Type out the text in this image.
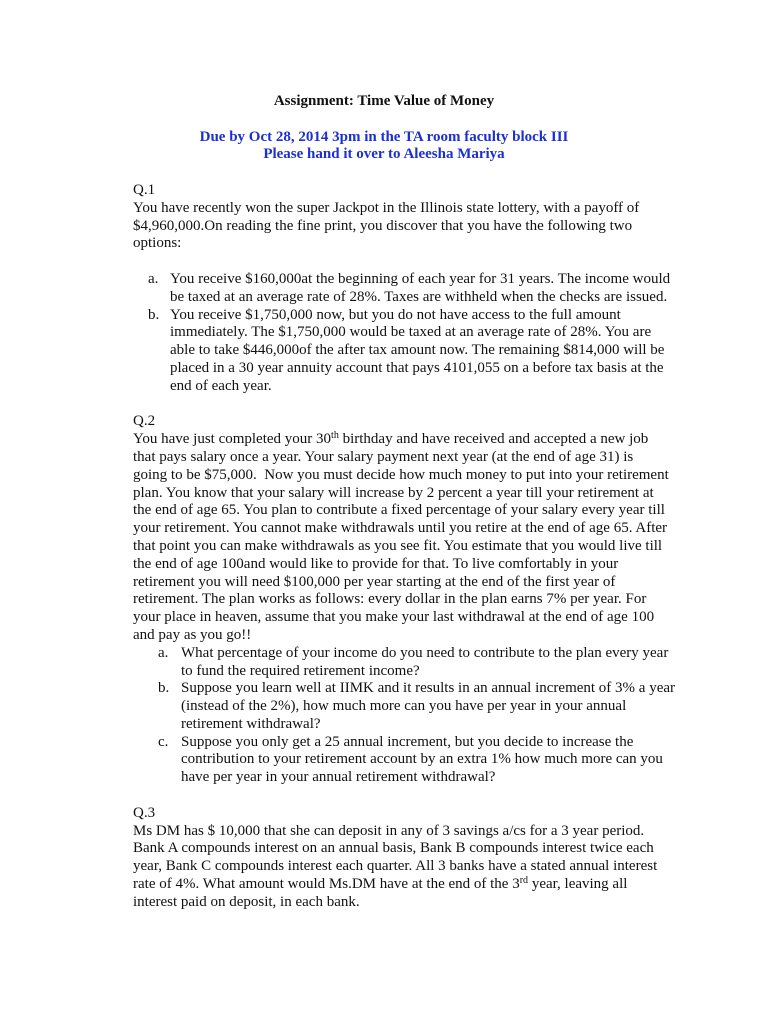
Assignment: Time Value of Money
Due by Oct 28, 2014 3pm in the TA room faculty block III
Please hand it over to Aleesha Mariya
Q.1
You have recently won the super Jackpot in the Illinois state lottery, with a payoff of
$4,960,000.On reading the fine print, you discover that you have the following two
options:
a. You receive $160,000at the beginning of each year for 31 years. The income would
be taxed at an average rate of 28%. Taxes are withheld when the checks are issued.
b. You receive $1,750,000 now, but you do not have access to the full amount
immediately. The $1,750,000 would be taxed at an average rate of 28%. You are
able to take $446,000of the after tax amount now. The remaining $814,000 will be
placed in a 30 year annuity account that pays 4101,055 on a before tax basis at the
end of each year.
Q.2
You have just completed your 30th birthday and have received and accepted a new job
that pays salary once a year. Your salary payment next year (at the end of age 31) is
going to be $75,000.  Now you must decide how much money to put into your retirement
plan. You know that your salary will increase by 2 percent a year till your retirement at
the end of age 65. You plan to contribute a fixed percentage of your salary every year till
your retirement. You cannot make withdrawals until you retire at the end of age 65. After
that point you can make withdrawals as you see fit. You estimate that you would live till
the end of age 100and would like to provide for that. To live comfortably in your
retirement you will need $100,000 per year starting at the end of the first year of
retirement. The plan works as follows: every dollar in the plan earns 7% per year. For
your place in heaven, assume that you make your last withdrawal at the end of age 100
and pay as you go!!
a. What percentage of your income do you need to contribute to the plan every year
to fund the required retirement income?
b. Suppose you learn well at IIMK and it results in an annual increment of 3% a year
(instead of the 2%), how much more can you have per year in your annual
retirement withdrawal?
c. Suppose you only get a 25 annual increment, but you decide to increase the
contribution to your retirement account by an extra 1% how much more can you
have per year in your annual retirement withdrawal?
Q.3
Ms DM has $ 10,000 that she can deposit in any of 3 savings a/cs for a 3 year period.
Bank A compounds interest on an annual basis, Bank B compounds interest twice each
year, Bank C compounds interest each quarter. All 3 banks have a stated annual interest
rate of 4%. What amount would Ms.DM have at the end of the 3rd year, leaving all
interest paid on deposit, in each bank.
